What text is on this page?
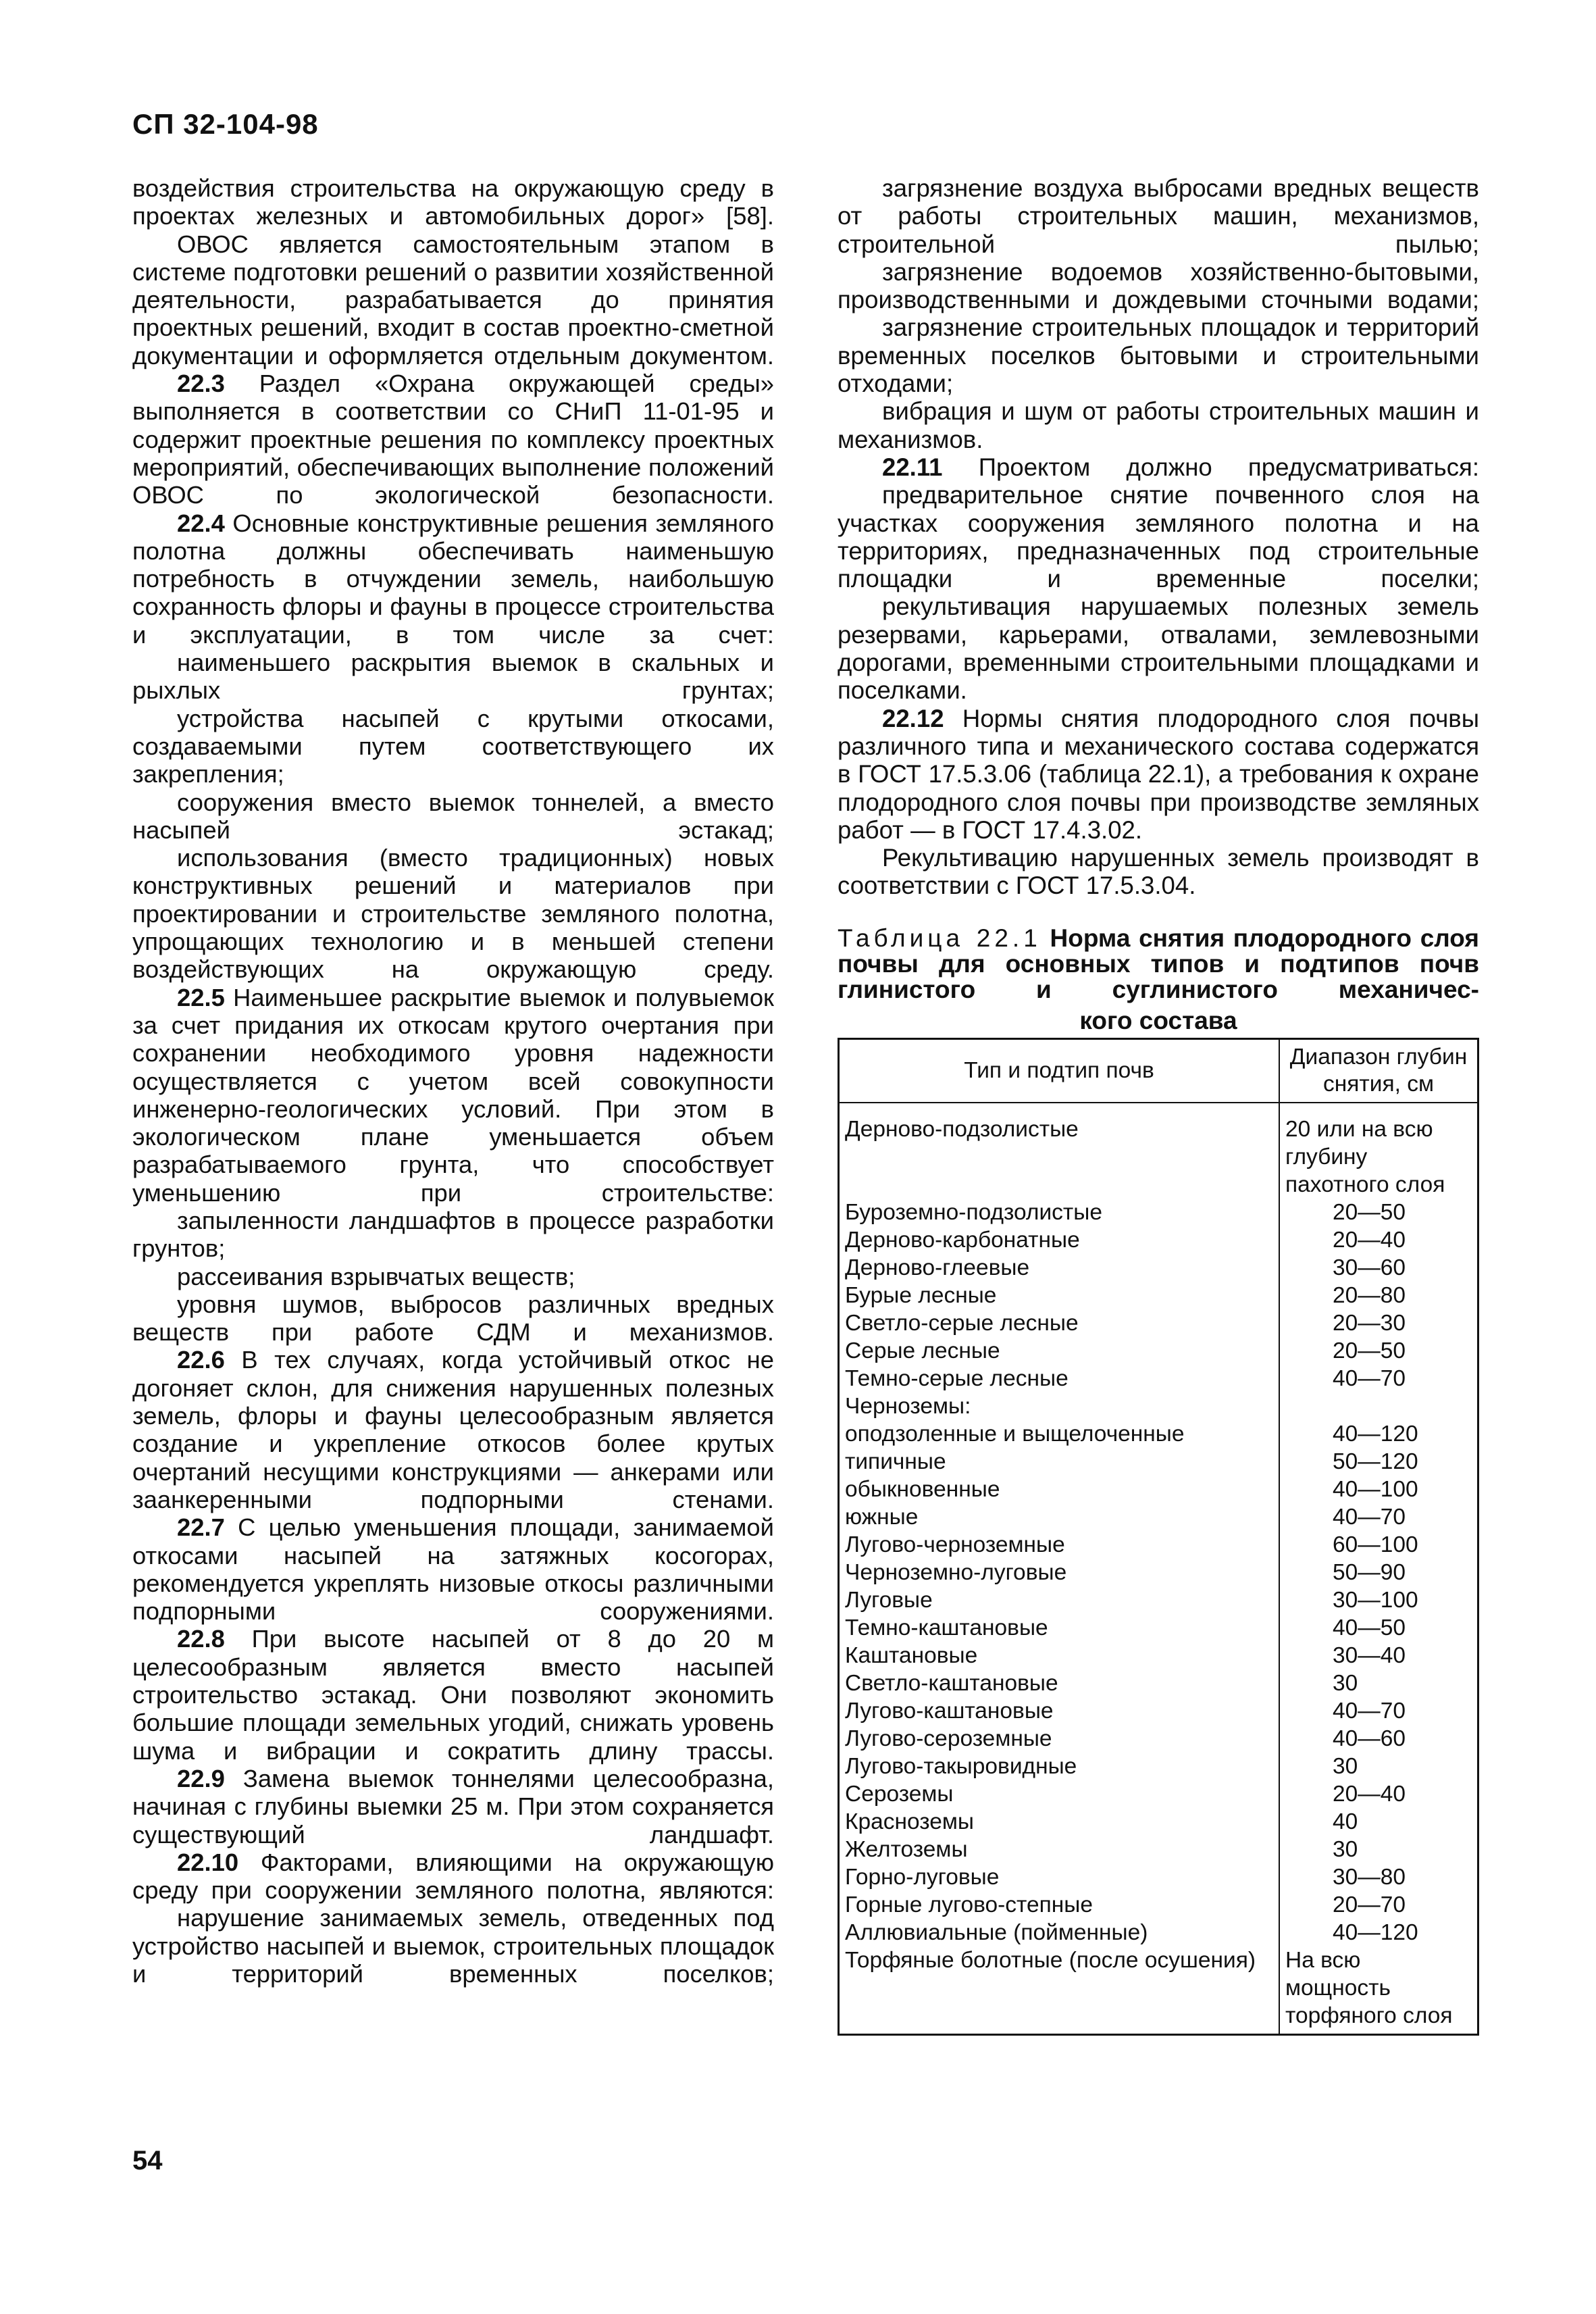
СП 32-104-98

воздействия строительства на окружающую среду в проектах железных и автомобильных дорог» [58].

ОВОС является самостоятельным этапом в системе подготовки решений о развитии хозяйственной деятельности, разрабатывается до принятия проектных решений, входит в состав проектно-сметной документации и оформляется отдельным документом.

22.3 Раздел «Охрана окружающей среды» выполняется в соответствии со СНиП 11-01-95 и содержит проектные решения по комплексу проектных мероприятий, обеспечивающих выполнение положений ОВОС по экологической безопасности.

22.4 Основные конструктивные решения земляного полотна должны обеспечивать наименьшую потребность в отчуждении земель, наибольшую сохранность флоры и фауны в процессе строительства и эксплуатации, в том числе за счет:

наименьшего раскрытия выемок в скальных и рыхлых грунтах;

устройства насыпей с крутыми откосами, создаваемыми путем соответствующего их закрепления;

сооружения вместо выемок тоннелей, а вместо насыпей эстакад;

использования (вместо традиционных) новых конструктивных решений и материалов при проектировании и строительстве земляного полотна, упрощающих технологию и в меньшей степени воздействующих на окружающую среду.

22.5 Наименьшее раскрытие выемок и полувыемок за счет придания их откосам крутого очертания при сохранении необходимого уровня надежности осуществляется с учетом всей совокупности инженерно-геологических условий. При этом в экологическом плане уменьшается объем разрабатываемого грунта, что способствует уменьшению при строительстве:

запыленности ландшафтов в процессе разработки грунтов;

рассеивания взрывчатых веществ;

уровня шумов, выбросов различных вредных веществ при работе СДМ и механизмов.

22.6 В тех случаях, когда устойчивый откос не догоняет склон, для снижения нарушенных полезных земель, флоры и фауны целесообразным является создание и укрепление откосов более крутых очертаний несущими конструкциями — анкерами или заанкеренными подпорными стенами.

22.7 С целью уменьшения площади, занимаемой откосами насыпей на затяжных косогорах, рекомендуется укреплять низовые откосы различными подпорными сооружениями.

22.8 При высоте насыпей от 8 до 20 м целесообразным является вместо насыпей строительство эстакад. Они позволяют экономить большие площади земельных угодий, снижать уровень шума и вибрации и сократить длину трассы.

22.9 Замена выемок тоннелями целесообразна, начиная с глубины выемки 25 м. При этом сохраняется существующий ландшафт.

22.10 Факторами, влияющими на окружающую среду при сооружении земляного полотна, являются:

нарушение занимаемых земель, отведенных под устройство насыпей и выемок, строительных площадок и территорий временных поселков;

загрязнение воздуха выбросами вредных веществ от работы строительных машин, механизмов, строительной пылью;

загрязнение водоемов хозяйственно-бытовыми, производственными и дождевыми сточными водами;

загрязнение строительных площадок и территорий временных поселков бытовыми и строительными отходами;

вибрация и шум от работы строительных машин и механизмов.

22.11 Проектом должно предусматриваться:

предварительное снятие почвенного слоя на участках сооружения земляного полотна и на территориях, предназначенных под строительные площадки и временные поселки;

рекультивация нарушаемых полезных земель резервами, карьерами, отвалами, землевозными дорогами, временными строительными площадками и поселками.

22.12 Нормы снятия плодородного слоя почвы различного типа и механического состава содержатся в ГОСТ 17.5.3.06 (таблица 22.1), а требования к охране плодородного слоя почвы при производстве земляных работ — в ГОСТ 17.4.3.02.

Рекультивацию нарушенных земель производят в соответствии с ГОСТ 17.5.3.04.

Таблица 22.1 Норма снятия плодородного слоя почвы для основных типов и подтипов почв глинистого и суглинистого механичес-
кого состава
Тип и подтип почв	Диапазон глубин снятия, см
Дерново-подзолистые	20 или на всю глубину пахотного слоя
Буроземно-подзолистые	20—50
Дерново-карбонатные	20—40
Дерново-глеевые	30—60
Бурые лесные	20—80
Светло-серые лесные	20—30
Серые лесные	20—50
Темно-серые лесные	40—70
Черноземы:	
оподзоленные и выщелоченные	40—120
типичные	50—120
обыкновенные	40—100
южные	40—70
Лугово-черноземные	60—100
Черноземно-луговые	50—90
Луговые	30—100
Темно-каштановые	40—50
Каштановые	30—40
Светло-каштановые	30
Лугово-каштановые	40—70
Лугово-сероземные	40—60
Лугово-такыровидные	30
Сероземы	20—40
Красноземы	40
Желтоземы	30
Горно-луговые	30—80
Горные лугово-степные	20—70
Аллювиальные (пойменные)	40—120
Торфяные болотные (после осушения)	На всю мощность торфяного слоя
54
